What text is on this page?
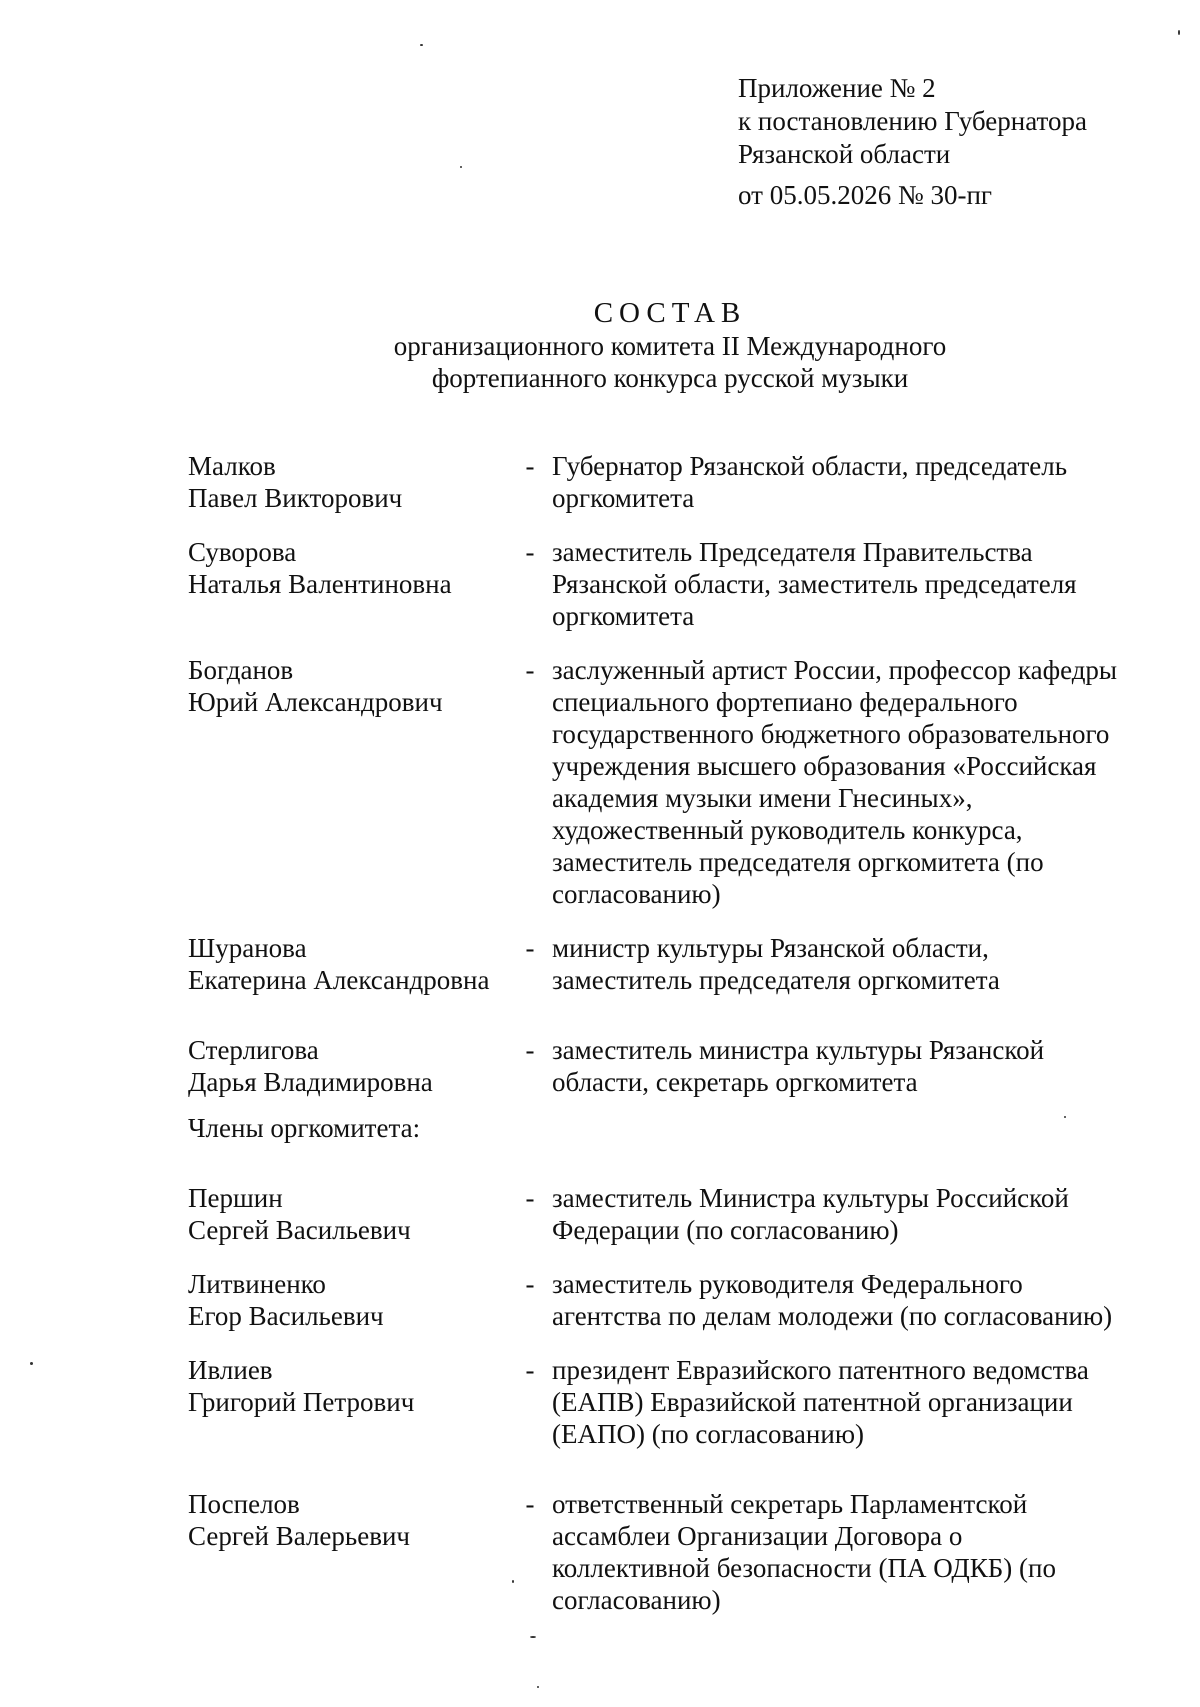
Приложение № 2
к постановлению Губернатора
Рязанской области
от 05.05.2026 № 30-пг
СОСТАВ
организационного комитета II Международного
фортепианного конкурса русской музыки
Малков
Павел Викторович
- Губернатор Рязанской области, председатель
оргкомитета
Суворова
Наталья Валентиновна
- заместитель Председателя Правительства
Рязанской области, заместитель председателя
оргкомитета
Богданов
Юрий Александрович
- заслуженный артист России, профессор кафедры
специального фортепиано федерального
государственного бюджетного образовательного
учреждения высшего образования «Российская
академия музыки имени Гнесиных»,
художественный руководитель конкурса,
заместитель председателя оргкомитета (по
согласованию)
Шуранова
Екатерина Александровна
- министр культуры Рязанской области,
заместитель председателя оргкомитета
Стерлигова
Дарья Владимировна
- заместитель министра культуры Рязанской
области, секретарь оргкомитета
Члены оргкомитета:
Першин
Сергей Васильевич
- заместитель Министра культуры Российской
Федерации (по согласованию)
Литвиненко
Егор Васильевич
- заместитель руководителя Федерального
агентства по делам молодежи (по согласованию)
Ивлиев
Григорий Петрович
- президент Евразийского патентного ведомства
(ЕАПВ) Евразийской патентной организации
(ЕАПО) (по согласованию)
Поспелов
Сергей Валерьевич
- ответственный секретарь Парламентской
ассамблеи Организации Договора о
коллективной безопасности (ПА ОДКБ) (по
согласованию)
